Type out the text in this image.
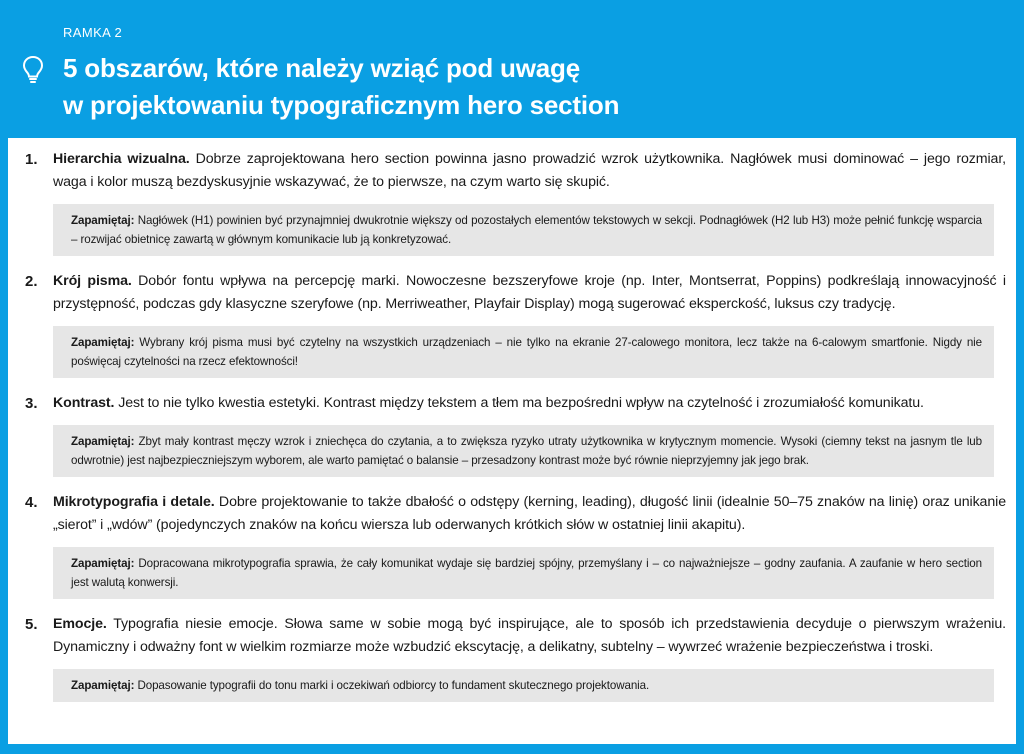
RAMKA 2
5 obszarów, które należy wziąć pod uwagę
w projektowaniu typograficznym hero section
1. Hierarchia wizualna. Dobrze zaprojektowana hero section powinna jasno prowadzić wzrok użytkownika. Nagłówek musi dominować – jego rozmiar, waga i kolor muszą bezdyskusyjnie wskazywać, że to pierwsze, na czym warto się skupić.
Zapamiętaj: Nagłówek (H1) powinien być przynajmniej dwukrotnie większy od pozostałych elementów tekstowych w sekcji. Podnagłówek (H2 lub H3) może pełnić funkcję wsparcia – rozwijać obietnicę zawartą w głównym komunikacie lub ją konkretyzować.
2. Krój pisma. Dobór fontu wpływa na percepcję marki. Nowoczesne bezszeryfowe kroje (np. Inter, Montserrat, Poppins) podkreślają innowacyjność i przystępność, podczas gdy klasyczne szeryfowe (np. Merriweather, Playfair Display) mogą sugerować eksperckość, luksus czy tradycję.
Zapamiętaj: Wybrany krój pisma musi być czytelny na wszystkich urządzeniach – nie tylko na ekranie 27-calowego monitora, lecz także na 6-calowym smartfonie. Nigdy nie poświęcaj czytelności na rzecz efektowności!
3. Kontrast. Jest to nie tylko kwestia estetyki. Kontrast między tekstem a tłem ma bezpośredni wpływ na czytelność i zrozumiałość komunikatu.
Zapamiętaj: Zbyt mały kontrast męczy wzrok i zniechęca do czytania, a to zwiększa ryzyko utraty użytkownika w krytycznym momencie. Wysoki (ciemny tekst na jasnym tle lub odwrotnie) jest najbezpieczniejszym wyborem, ale warto pamiętać o balansie – przesadzony kontrast może być równie nieprzyjemny jak jego brak.
4. Mikrotypografia i detale. Dobre projektowanie to także dbałość o odstępy (kerning, leading), długość linii (idealnie 50–75 znaków na linię) oraz unikanie „sierot” i „wdów” (pojedynczych znaków na końcu wiersza lub oderwanych krótkich słów w ostatniej linii akapitu).
Zapamiętaj: Dopracowana mikrotypografia sprawia, że cały komunikat wydaje się bardziej spójny, przemyślany i – co najważniejsze – godny zaufania. A zaufanie w hero section jest walutą konwersji.
5. Emocje. Typografia niesie emocje. Słowa same w sobie mogą być inspirujące, ale to sposób ich przedstawienia decyduje o pierwszym wrażeniu. Dynamiczny i odważny font w wielkim rozmiarze może wzbudzić ekscytację, a delikatny, subtelny – wywrzeć wrażenie bezpieczeństwa i troski.
Zapamiętaj: Dopasowanie typografii do tonu marki i oczekiwań odbiorcy to fundament skutecznego projektowania.
